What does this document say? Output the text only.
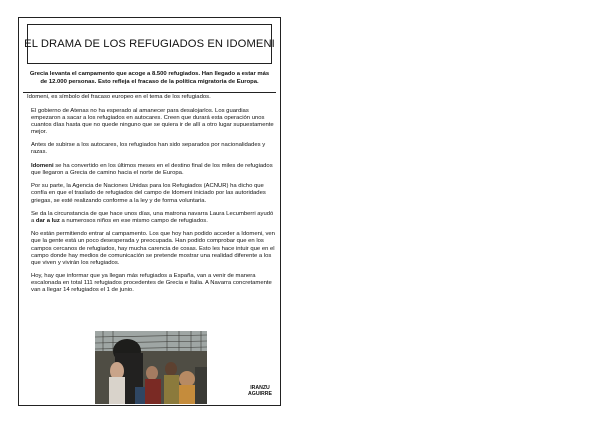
EL DRAMA DE LOS REFUGIADOS EN IDOMENI
Grecia levanta el campamento que acoge a 8.500 refugiados. Han llegado a estar más de 12.000 personas. Esto refleja el fracaso de la política migratoria de Europa.

Idomeni, es símbolo del fracaso europeo en el tema de los refugiados.

El gobierno de Atenas no ha esperado al amanecer para desalojarlos. Los guardias empezaron a sacar a los refugiados en autocares. Creen que durará esta operación unos cuantos días hasta que no quede ninguno que se quiera ir de allí a otro lugar supuestamente mejor.

Antes de subirse a los autocares, los refugiados han sido separados por nacionalidades y razas.

Idomeni se ha convertido en los últimos meses en el destino final de los miles de refugiados que llegaron a Grecia de camino hacia el norte de Europa.

Por su parte, la Agencia de Naciones Unidas para los Refugiados (ACNUR) ha dicho que confía en que el traslado de refugiados del campo de Idomeni iniciado por las autoridades griegas, se esté realizando conforme a la ley y de forma voluntaria.

Se da la circunstancia de que hace unos días, una matrona navarra Laura Lecumberri ayudó a dar a luz a numerosos niños en ese mismo campo de refugiados.

No están permitiendo entrar al campamento. Los que hoy han podido acceder a Idomeni, ven que la gente está un poco desesperada y preocupada. Han podido comprobar que en los campos cercanos de refugiados, hay mucha carencia de cosas. Esto les hace intuir que en el campo donde hay medios de comunicación se pretende mostrar una realidad diferente a los que viven y vivirán los refugiados.

Hoy, hay que informar que ya llegan más refugiados a España, van a venir de manera escalonada en total 111 refugiados procedentes de Grecia e Italia. A Navarra concretamente van a llegar 14 refugiados el 1 de junio.

IRANZU
AGUIRRE
